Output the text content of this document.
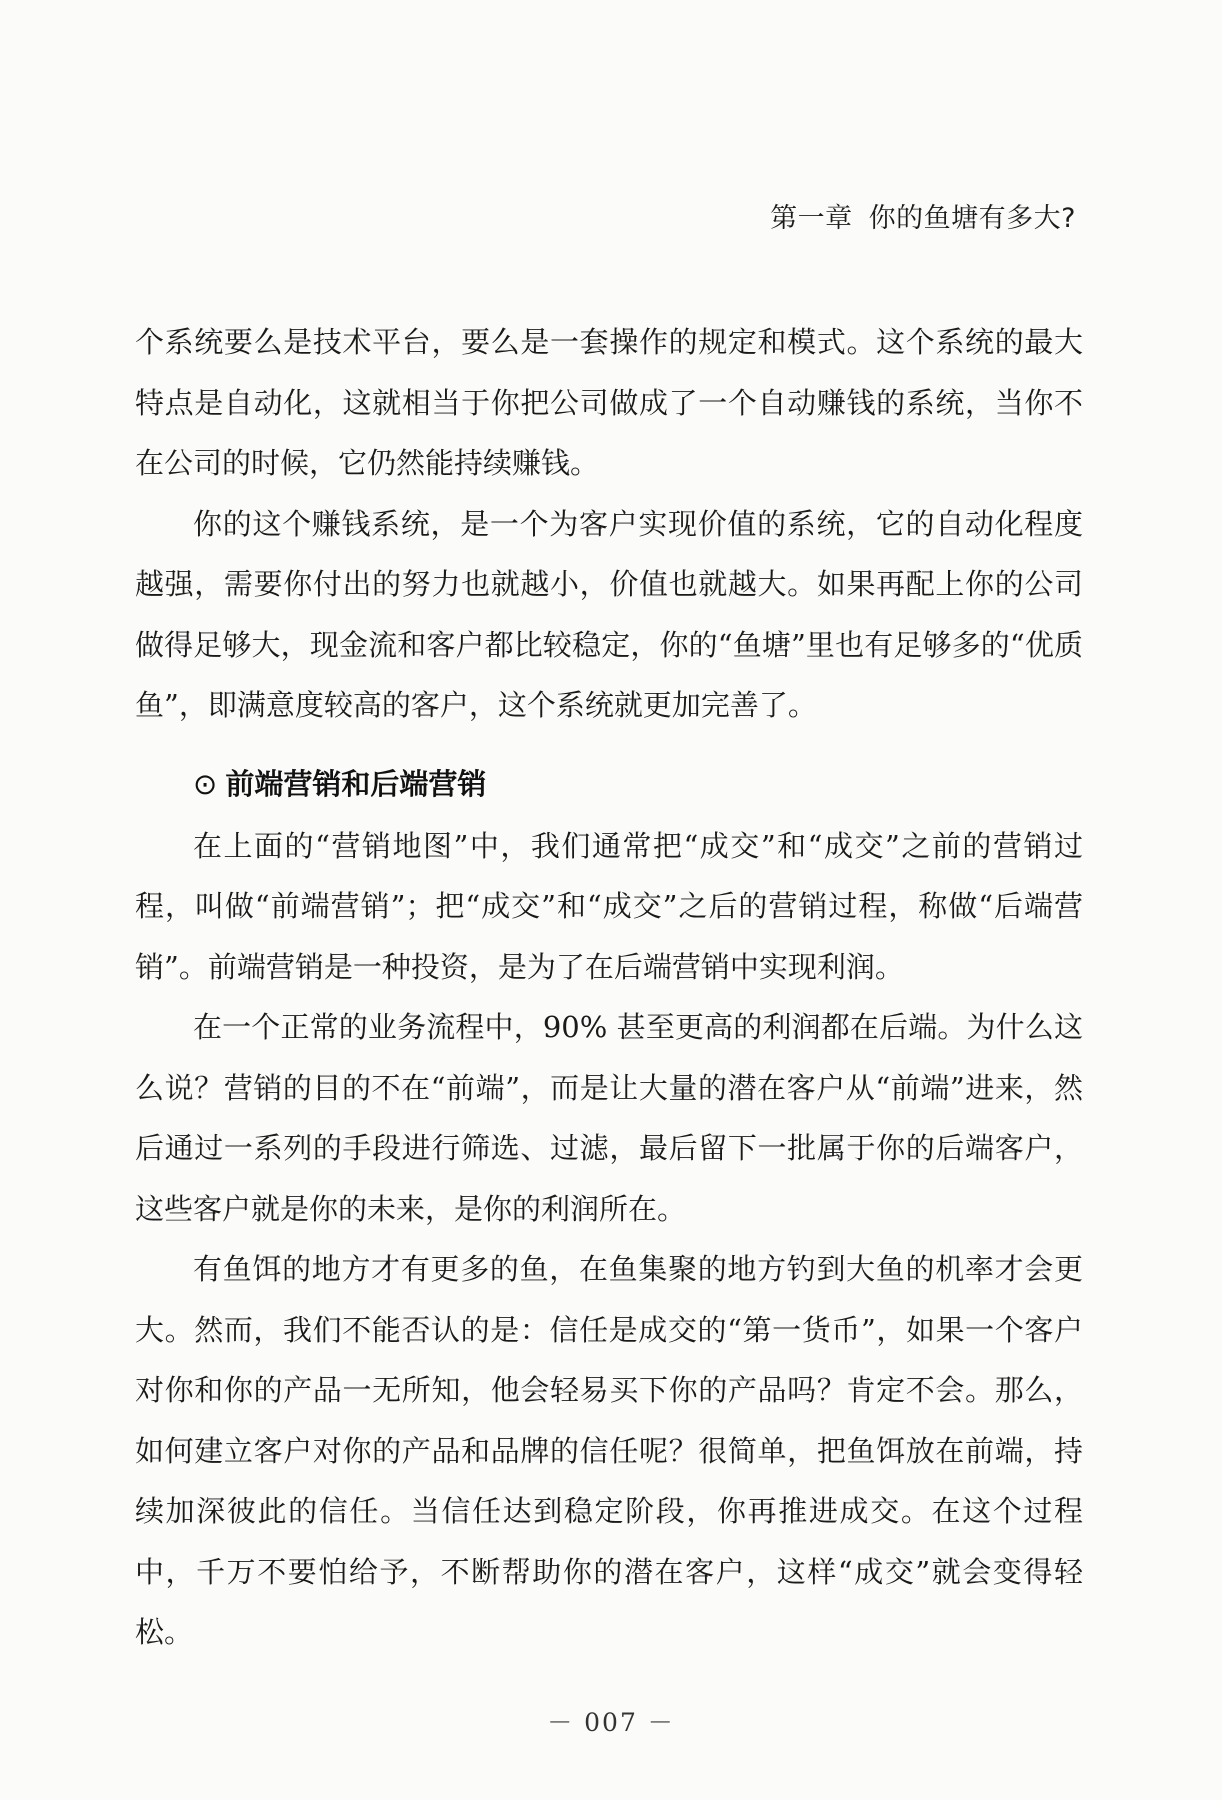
第一章 你的鱼塘有多大?

个系统要么是技术平台，要么是一套操作的规定和模式。这个系统的最大特点是自动化，这就相当于你把公司做成了一个自动赚钱的系统，当你不在公司的时候，它仍然能持续赚钱。

你的这个赚钱系统，是一个为客户实现价值的系统，它的自动化程度越强，需要你付出的努力也就越小，价值也就越大。如果再配上你的公司做得足够大，现金流和客户都比较稳定，你的“鱼塘”里也有足够多的“优质鱼”，即满意度较高的客户，这个系统就更加完善了。

⊙ 前端营销和后端营销

在上面的“营销地图”中，我们通常把“成交”和“成交”之前的营销过程，叫做“前端营销”；把“成交”和“成交”之后的营销过程，称做“后端营销”。前端营销是一种投资，是为了在后端营销中实现利润。

在一个正常的业务流程中，90% 甚至更高的利润都在后端。为什么这么说？营销的目的不在“前端”，而是让大量的潜在客户从“前端”进来，然后通过一系列的手段进行筛选、过滤，最后留下一批属于你的后端客户，这些客户就是你的未来，是你的利润所在。

有鱼饵的地方才有更多的鱼，在鱼集聚的地方钓到大鱼的机率才会更大。然而，我们不能否认的是：信任是成交的“第一货币”，如果一个客户对你和你的产品一无所知，他会轻易买下你的产品吗？肯定不会。那么，如何建立客户对你的产品和品牌的信任呢？很简单，把鱼饵放在前端，持续加深彼此的信任。当信任达到稳定阶段，你再推进成交。在这个过程中，千万不要怕给予，不断帮助你的潜在客户，这样“成交”就会变得轻松。

－ 007 －
